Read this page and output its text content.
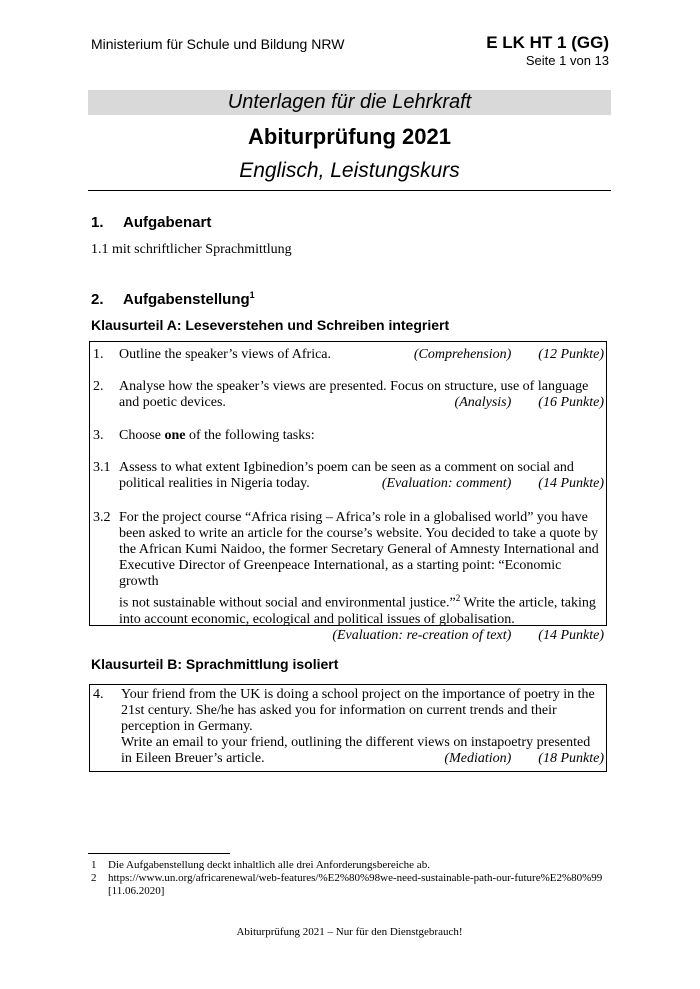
Ministerium für Schule und Bildung NRW	E LK HT 1 (GG)
Seite 1 von 13
Unterlagen für die Lehrkraft
Abiturprüfung 2021
Englisch, Leistungskurs
1. Aufgabenart
1.1 mit schriftlicher Sprachmittlung
2. Aufgabenstellung$^1$
Klausurteil A: Leseverstehen und Schreiben integriert
1. Outline the speaker’s views of Africa.	(Comprehension) (12 Punkte)
2. Analyse how the speaker’s views are presented. Focus on structure, use of language
and poetic devices.	(Analysis) (16 Punkte)
3. Choose one of the following tasks:
3.1 Assess to what extent Igbinedion’s poem can be seen as a comment on social and
political realities in Nigeria today.	(Evaluation: comment) (14 Punkte)
3.2 For the project course “Africa rising – Africa’s role in a globalised world” you have
been asked to write an article for the course’s website. You decided to take a quote by
the African Kumi Naidoo, the former Secretary General of Amnesty International and
Executive Director of Greenpeace International, as a starting point: “Economic growth
is not sustainable without social and environmental justice.”$^2$ Write the article, taking
into account economic, ecological and political issues of globalisation.
(Evaluation: re-creation of text) (14 Punkte)
Klausurteil B: Sprachmittlung isoliert
4. Your friend from the UK is doing a school project on the importance of poetry in the
21st century. She/he has asked you for information on current trends and their
perception in Germany.
Write an email to your friend, outlining the different views on instapoetry presented
in Eileen Breuer’s article.	(Mediation) (18 Punkte)
1 Die Aufgabenstellung deckt inhaltlich alle drei Anforderungsbereiche ab.
2 https://www.un.org/africarenewal/web-features/%E2%80%98we-need-sustainable-path-our-future%E2%80%99 [11.06.2020]
Abiturprüfung 2021 – Nur für den Dienstgebrauch!
